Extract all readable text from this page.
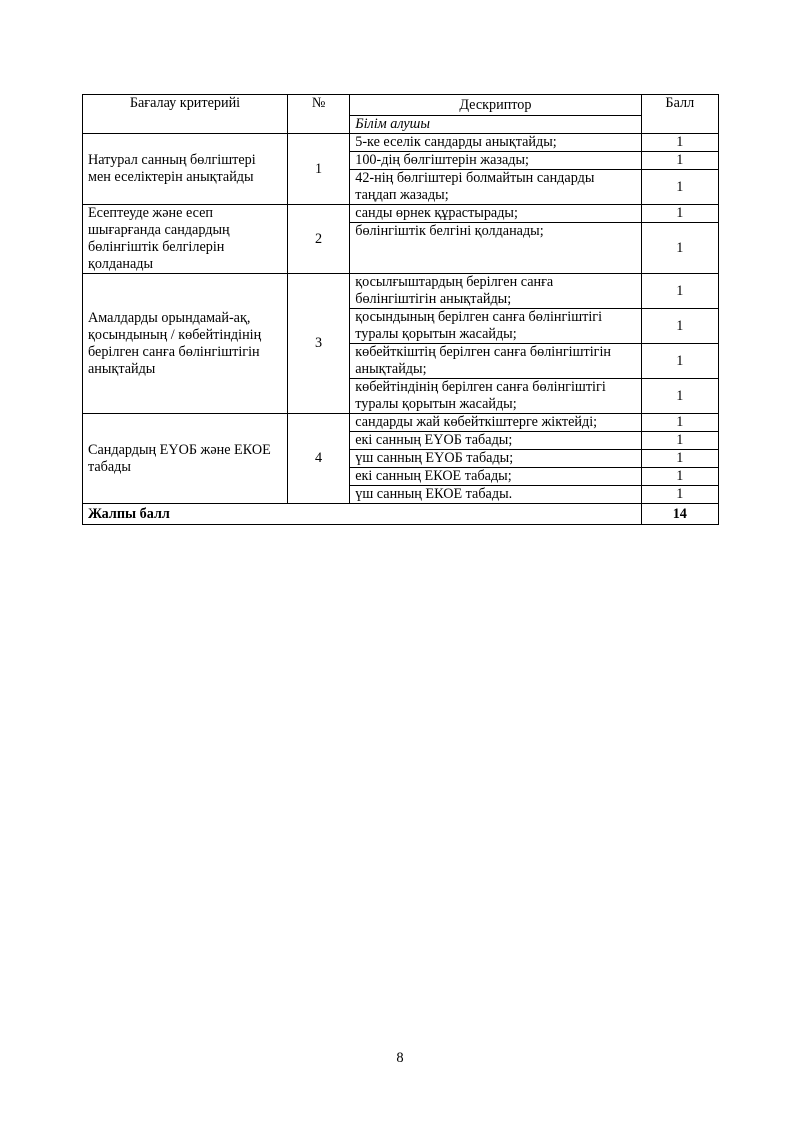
Бағалау критерийі	№	Дескриптор	Балл
		Білім алушы	
Натурал санның бөлгіштері мен еселіктерін анықтайды	1	5-ке еселік сандарды анықтайды;	1
		100-дің бөлгіштерін жазады;	1
		42-нің бөлгіштері болмайтын сандарды таңдап жазады;	1
Есептеуде және есеп шығарғанда сандардың бөлінгіштік белгілерін қолданады	2	санды өрнек құрастырады;	1
		бөлінгіштік белгіні қолданады;	1
Амалдарды орындамай-ақ, қосындының / көбейтіндінің берілген санға бөлінгіштігін анықтайды	3	қосылғыштардың берілген санға бөлінгіштігін анықтайды;	1
		қосындының берілген санға бөлінгіштігі туралы қорытын жасайды;	1
		көбейткіштің берілген санға бөлінгіштігін анықтайды;	1
		көбейтіндінің берілген санға бөлінгіштігі туралы қорытын жасайды;	1
Сандардың ЕҮОБ және ЕКОЕ табады	4	сандарды жай көбейткіштерге жіктейді;	1
		екі санның ЕҮОБ табады;	1
		үш санның ЕҮОБ табады;	1
		екі санның ЕКОЕ табады;	1
		үш санның ЕКОЕ табады.	1
Жалпы балл			14
8
